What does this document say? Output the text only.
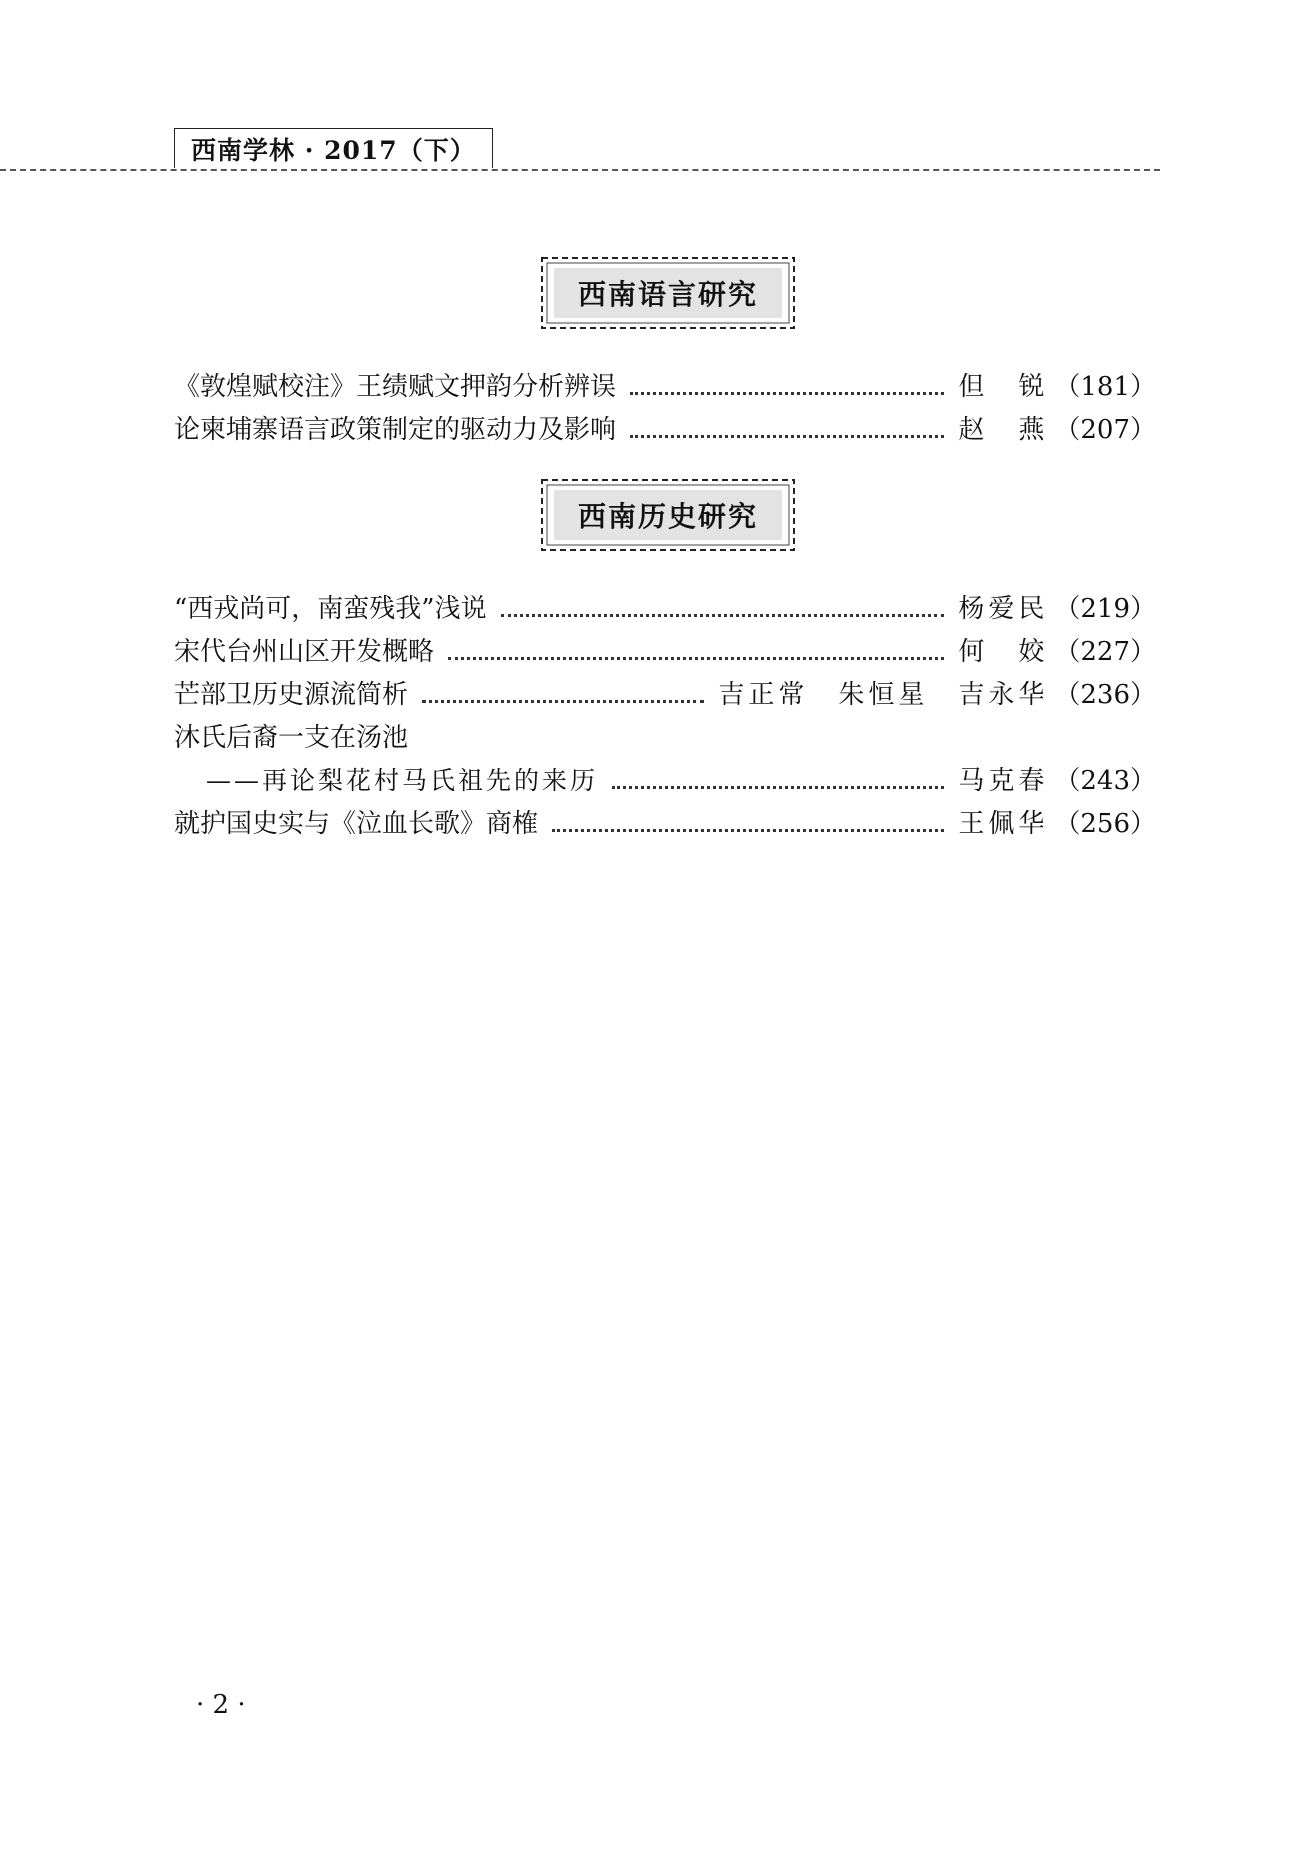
西南学林 · 2017（下）
西南语言研究
《敦煌赋校注》王绩赋文押韵分析辨误	但　锐 （181）
论柬埔寨语言政策制定的驱动力及影响	赵　燕 （207）
西南历史研究
“西戎尚可，南蛮残我”浅说	杨爱民 （219）
宋代台州山区开发概略	何　姣 （227）
芒部卫历史源流简析	吉正常　朱恒星　吉永华 （236）
沐氏后裔一支在汤池
——再论梨花村马氏祖先的来历	马克春 （243）
就护国史实与《泣血长歌》商榷	王佩华 （256）
· 2 ·
